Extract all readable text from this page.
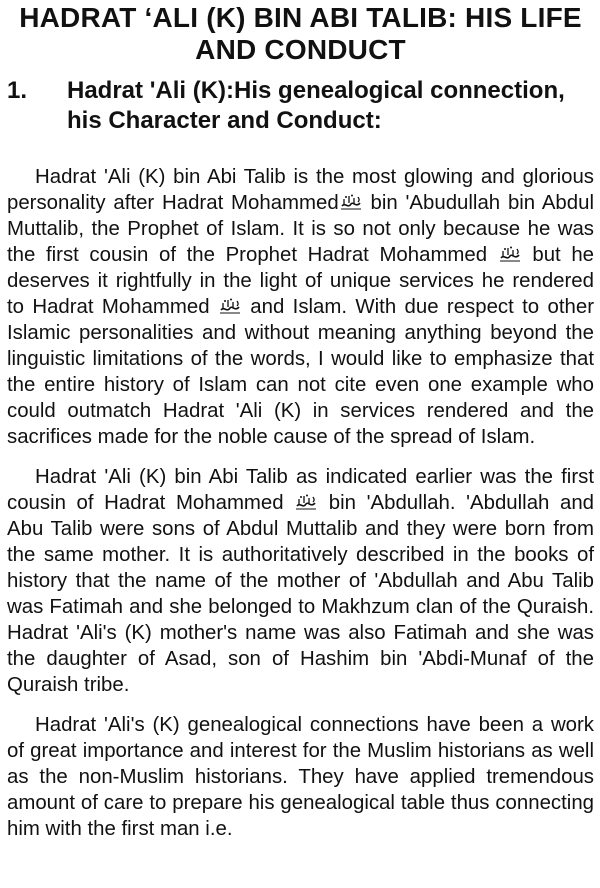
HADRAT ‘ALI (K) BIN ABI TALIB: HIS LIFE AND CONDUCT
1.	Hadrat 'Ali (K):His genealogical connection, his Character and Conduct:

Hadrat 'Ali (K) bin Abi Talib is the most glowing and glorious personality after Hadrat Mohammed
bin 'Abudullah bin Abdul Muttalib, the Prophet of Islam. It is so not only because he was the first cousin of the Prophet Hadrat Mohammed
but he deserves it rightfully in the light of unique services he rendered to Hadrat Mohammed
and Islam. With due respect to other Islamic personalities and without meaning anything beyond the linguistic limitations of the words, I would like to emphasize that the entire history of Islam can not cite even one example who could outmatch Hadrat 'Ali (K) in services rendered and the sacrifices made for the noble cause of the spread of Islam.

Hadrat 'Ali (K) bin Abi Talib as indicated earlier was the first cousin of Hadrat Mohammed
bin 'Abdullah. 'Abdullah and Abu Talib were sons of Abdul Muttalib and they were born from the same mother. It is authoritatively described in the books of history that the name of the mother of 'Abdullah and Abu Talib was Fatimah and she belonged to Makhzum clan of the Quraish. Hadrat 'Ali's (K) mother's name was also Fatimah and she was the daughter of Asad, son of Hashim bin 'Abdi-Munaf of the Quraish tribe.

Hadrat 'Ali's (K) genealogical connections have been a work of great importance and interest for the Muslim historians as well as the non-Muslim historians. They have applied tremendous amount of care to prepare his genealogical table thus connecting him with the first man i.e.
